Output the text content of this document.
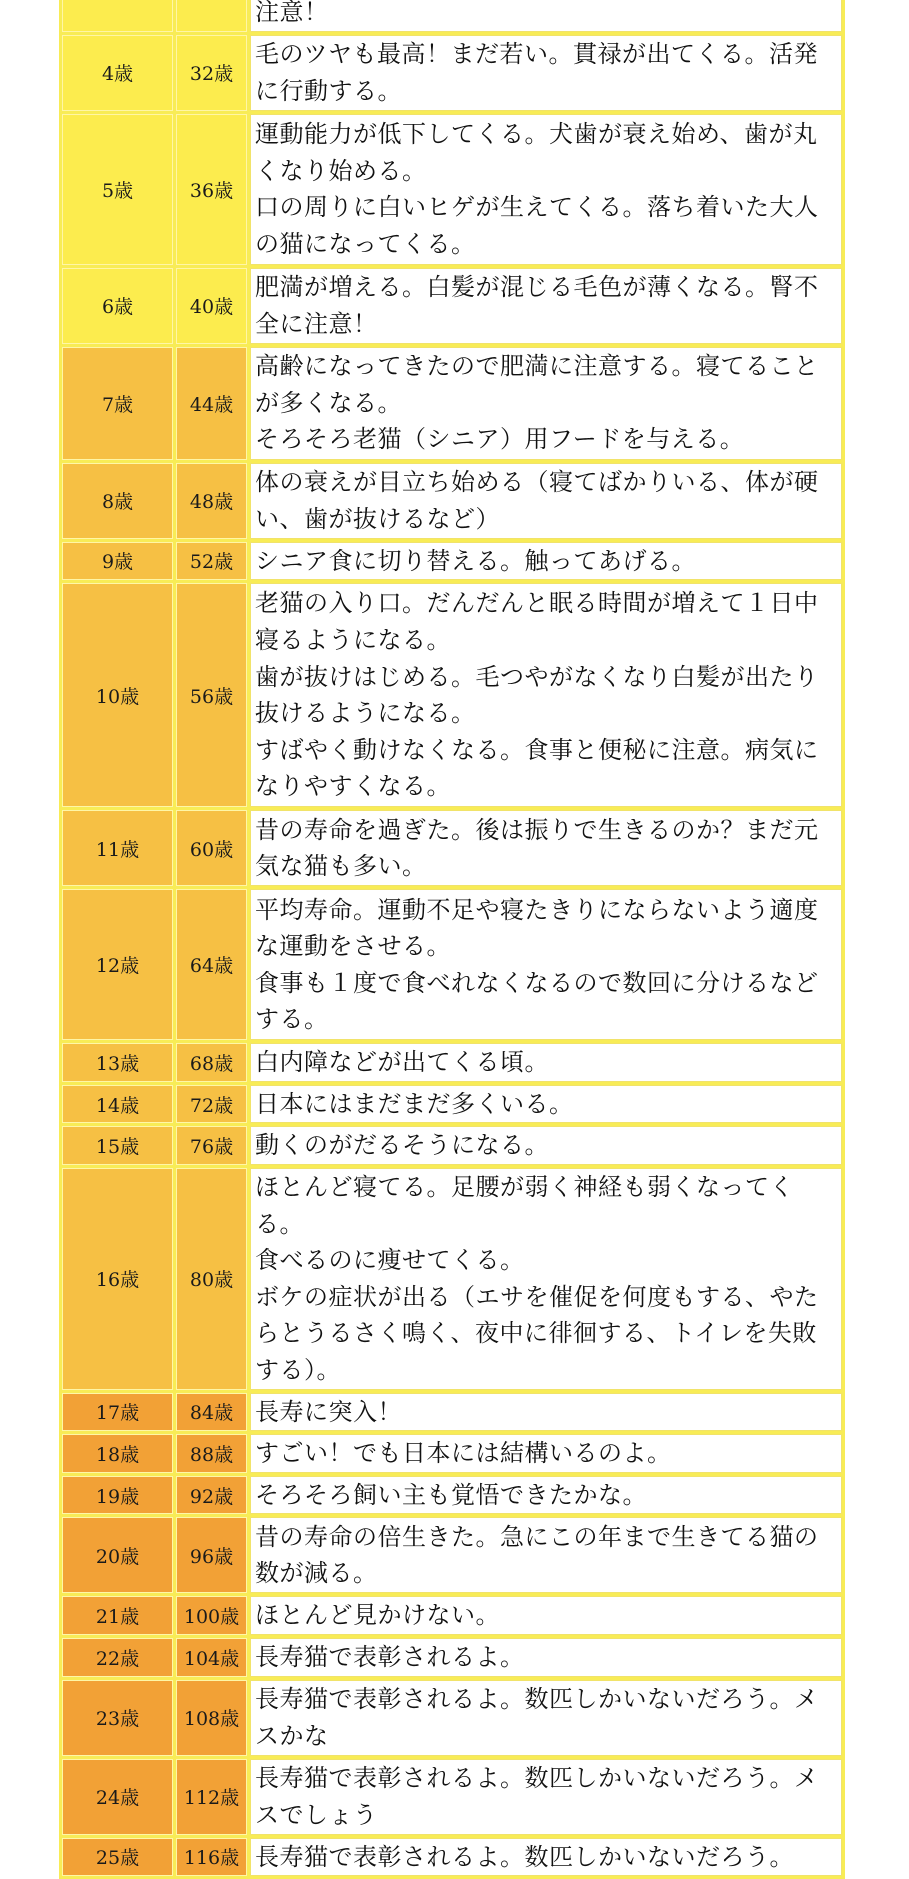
		注意！

4歳	32歳	毛のツヤも最高！まだ若い。貫禄が出てくる。活発に行動する。

5歳	36歳	運動能力が低下してくる。犬歯が衰え始め、歯が丸くなり始める。
口の周りに白いヒゲが生えてくる。落ち着いた大人の猫になってくる。

6歳	40歳	肥満が増える。白髪が混じる毛色が薄くなる。腎不全に注意！

7歳	44歳	高齢になってきたので肥満に注意する。寝てることが多くなる。
そろそろ老猫（シニア）用フードを与える。

8歳	48歳	体の衰えが目立ち始める（寝てばかりいる、体が硬い、歯が抜けるなど）

9歳	52歳	シニア食に切り替える。触ってあげる。

10歳	56歳	老猫の入り口。だんだんと眠る時間が増えて１日中寝るようになる。
歯が抜けはじめる。毛つやがなくなり白髪が出たり抜けるようになる。
すばやく動けなくなる。食事と便秘に注意。病気になりやすくなる。

11歳	60歳	昔の寿命を過ぎた。後は振りで生きるのか？まだ元気な猫も多い。

12歳	64歳	平均寿命。運動不足や寝たきりにならないよう適度な運動をさせる。
食事も１度で食べれなくなるので数回に分けるなどする。

13歳	68歳	白内障などが出てくる頃。

14歳	72歳	日本にはまだまだ多くいる。

15歳	76歳	動くのがだるそうになる。

16歳	80歳	ほとんど寝てる。足腰が弱く神経も弱くなってくる。
食べるのに痩せてくる。
ボケの症状が出る（エサを催促を何度もする、やたらとうるさく鳴く、夜中に徘徊する、トイレを失敗する）。

17歳	84歳	長寿に突入！

18歳	88歳	すごい！でも日本には結構いるのよ。

19歳	92歳	そろそろ飼い主も覚悟できたかな。

20歳	96歳	昔の寿命の倍生きた。急にこの年まで生きてる猫の数が減る。

21歳	100歳	ほとんど見かけない。

22歳	104歳	長寿猫で表彰されるよ。

23歳	108歳	長寿猫で表彰されるよ。数匹しかいないだろう。メスかな

24歳	112歳	長寿猫で表彰されるよ。数匹しかいないだろう。メスでしょう

25歳	116歳	長寿猫で表彰されるよ。数匹しかいないだろう。
